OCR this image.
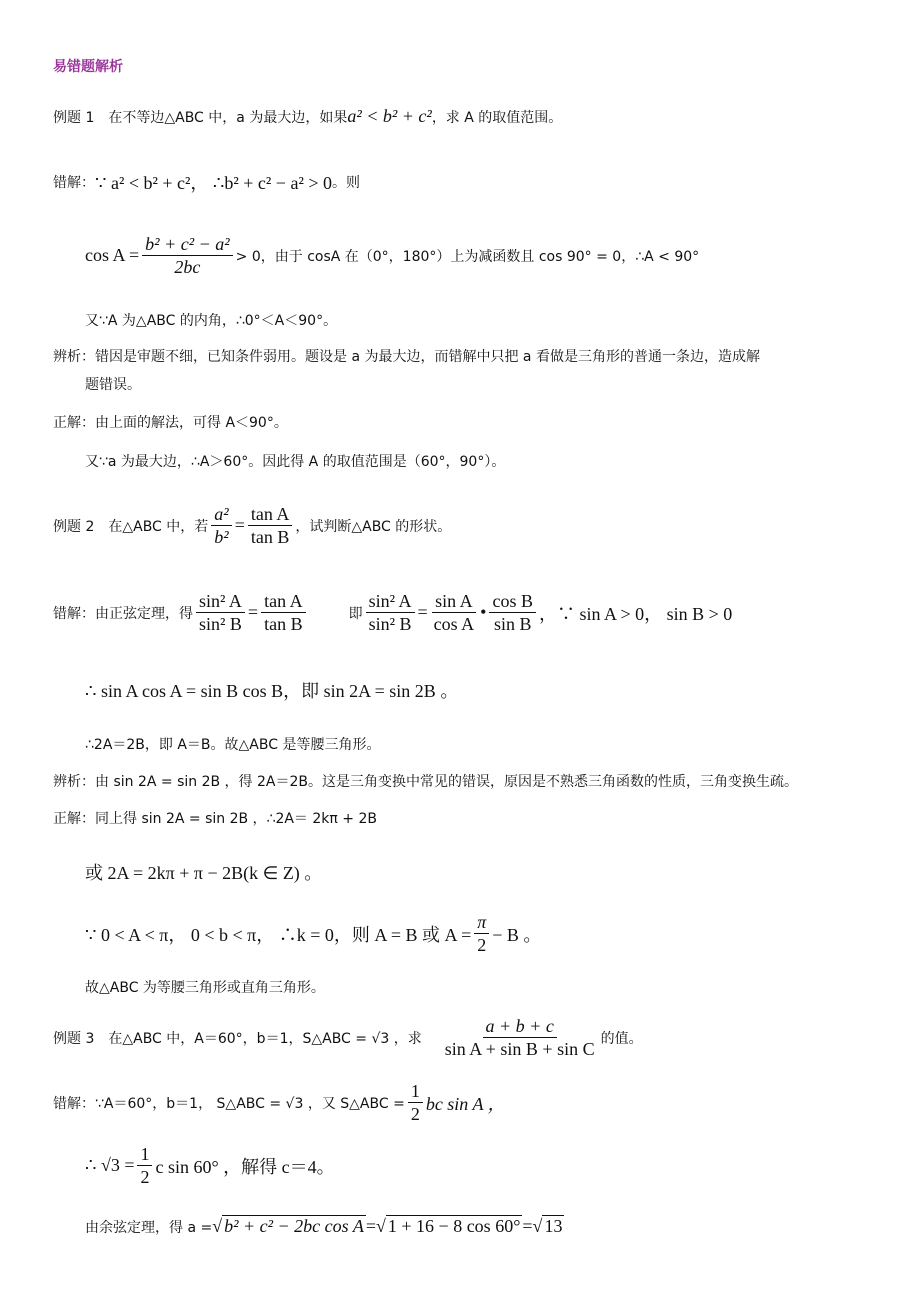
易错题解析
例题 1　在不等边△ABC 中，a 为最大边，如果 a² < b² + c² ，求 A 的取值范围。
错解： ∵ a² < b² + c²， ∴b² + c² − a² > 0 。则
$\cos A = \frac{\text{b² + c² − a²}}{2bc} > 0$，由于 cosA 在（0°，180°）上为减函数且 cos 90° = 0，∴A < 90°
又∵A 为△ABC 的内角，∴0°＜A＜90°。
辨析：错因是审题不细，已知条件弱用。题设是 a 为最大边，而错解中只把 a 看做是三角形的普通一条边，造成解
题错误。
正解：由上面的解法，可得 A＜90°。
又∵a 为最大边，∴A＞60°。因此得 A 的取值范围是（60°，90°）。
例题 2　在△ABC 中，若 $\frac{\text{a²}}{\text{b²}} = \frac{\text{tan A}}{\text{tan B}}$ ，试判断△ABC 的形状。
错解：由正弦定理，得 $\frac{\text{sin² A}}{\text{sin² B}} = \frac{\text{tan A}}{\text{tan B}}$	即 $\frac{\text{sin² A}}{\text{sin² B}} = \frac{\text{sin A}}{\text{cos A}}$ • $\frac{\text{cos B}}{\text{sin B}}$ ，∵ sin A > 0， sin B > 0
∴ sin A cos A = sin B cos B，即 sin 2A = sin 2B 。
∴2A＝2B，即 A＝B。故△ABC 是等腰三角形。
辨析：由 sin 2A = sin 2B ，得 2A＝2B。这是三角变换中常见的错误，原因是不熟悉三角函数的性质，三角变换生疏。
正解：同上得 sin 2A = sin 2B ，∴2A＝ 2kπ + 2B
或 2A = 2kπ + π − 2B(k ∈ Z) 。
∵ 0 < A < π， 0 < b < π， ∴k = 0，则 A = B 或 $A = \frac{\pi}{2} - B$ 。
故△ABC 为等腰三角形或直角三角形。
例题 3　在△ABC 中，A＝60°，b＝1，S△ABC = √3 ，求 $\frac{a + b + c}{\text{sin A + sin B + sin C}}$ 的值。
错解：∵A＝60°，b＝1， S△ABC = √3 ，又 S△ABC = $\frac{1}{2}$ bc sin A ，
∴ $√3 = \frac{1}{2}$ c sin 60° ，解得 c＝4。
由余弦定理，得 a = √ b² + c² − 2bc cos A = √ 1 + 16 − 8 cos 60° = √ 13
